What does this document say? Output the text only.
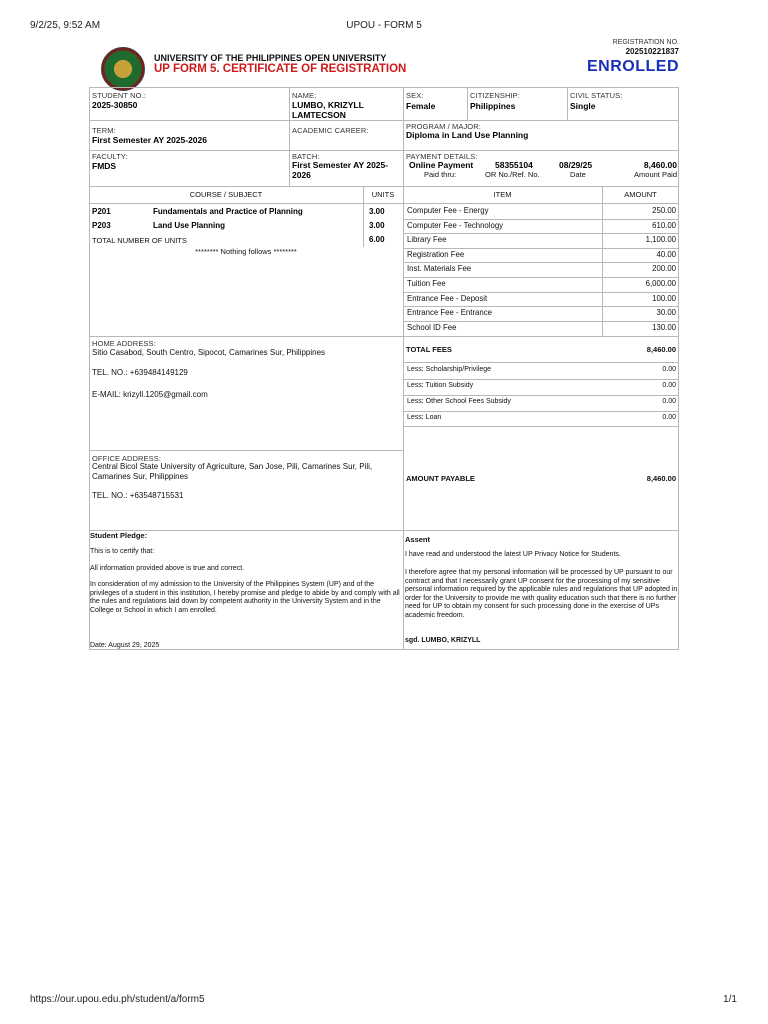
9/2/25, 9:52 AM	UPOU - FORM 5
https://our.upou.edu.ph/student/a/form5	1/1
UNIVERSITY OF THE PHILIPPINES OPEN UNIVERSITY
UP FORM 5. CERTIFICATE OF REGISTRATION
REGISTRATION NO.
202510221837
ENROLLED
STUDENT NO.:
2025-30850
NAME:
LUMBO, KRIZYLL LAMTECSON
SEX:
Female
CITIZENSHIP:
Philippines
CIVIL STATUS:
Single
PROGRAM / MAJOR:
Diploma in Land Use Planning
TERM:
First Semester AY 2025-2026
ACADEMIC CAREER:
FACULTY:
FMDS
BATCH:
First Semester AY 2025-2026
PAYMENT DETAILS:
Online Payment	58355104	08/29/25	8,460.00
Paid thru:	OR No./Ref. No.	Date	Amount Paid
COURSE / SUBJECT	UNITS
P201	Fundamentals and Practice of Planning	3.00
P203	Land Use Planning	3.00
TOTAL NUMBER OF UNITS	6.00
******** Nothing follows ********
ITEM	AMOUNT
Computer Fee - Energy	250.00
Computer Fee - Technology	610.00
Library Fee	1,100.00
Registration Fee	40.00
Inst. Materials Fee	200.00
Tuition Fee	6,000.00
Entrance Fee - Deposit	100.00
Entrance Fee - Entrance	30.00
School ID Fee	130.00
TOTAL FEES	8,460.00
Less: Scholarship/Privilege	0.00
Less: Tuition Subsidy	0.00
Less: Other School Fees Subsidy	0.00
Less: Loan	0.00
AMOUNT PAYABLE	8,460.00
HOME ADDRESS:
Sitio Casabod, South Centro, Sipocot, Camarines Sur, Philippines
TEL. NO.: +639484149129
E-MAIL: krizyll.1205@gmail.com
OFFICE ADDRESS:
Central Bicol State University of Agriculture, San Jose, Pili, Camarines Sur, Pili, Camarines Sur, Philippines
TEL. NO.: +63548715531
Student Pledge:
This is to certify that:
All information provided above is true and correct.
In consideration of my admission to the University of the Philippines System (UP) and of the privileges of a student in this institution, I hereby promise and pledge to abide by and comply with all the rules and regulations laid down by competent authority in the University System and in the College or School in which I am enrolled.
Date: August 29, 2025
Assent
I have read and understood the latest UP Privacy Notice for Students.
I therefore agree that my personal information will be processed by UP pursuant to our contract and that I necessarily grant UP consent for the processing of my sensitive personal information required by the applicable rules and regulations that UP adopted in order for the University to provide me with quality education such that there is no further need for UP to obtain my consent for such processing done in the exercise of UPs academic freedom.
sgd. LUMBO, KRIZYLL
